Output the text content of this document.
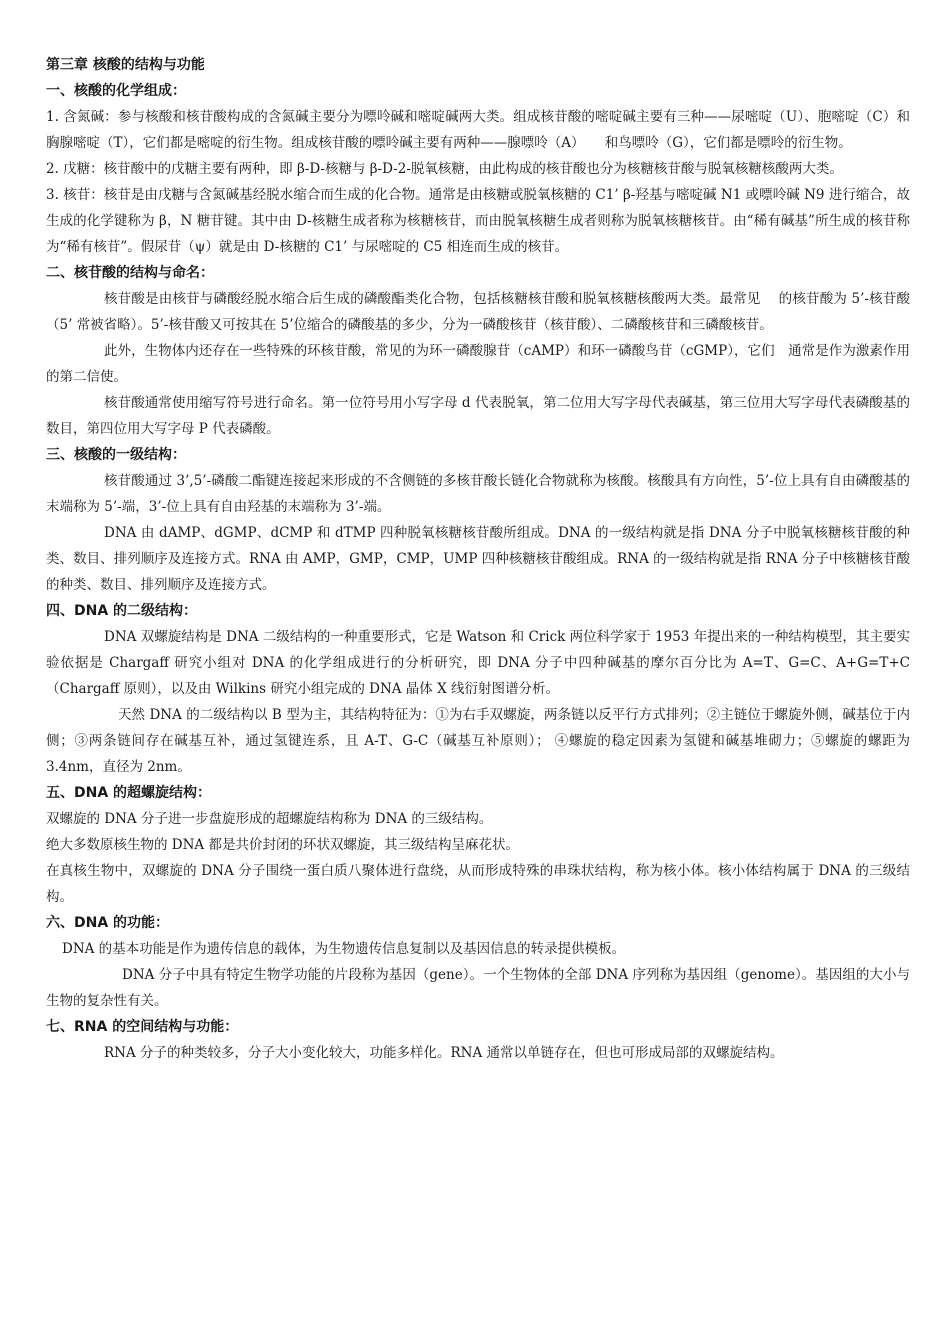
第三章 核酸的结构与功能
一、核酸的化学组成：

1. 含氮碱：参与核酸和核苷酸构成的含氮碱主要分为嘌呤碱和嘧啶碱两大类。组成核苷酸的嘧啶碱主要有三种——尿嘧啶（U）、胞嘧啶（C）和胸腺嘧啶（T），它们都是嘧啶的衍生物。组成核苷酸的嘌呤碱主要有两种——腺嘌呤（A）　　和鸟嘌呤（G），它们都是嘌呤的衍生物。

2. 戊糖：核苷酸中的戊糖主要有两种，即 β-D-核糖与 β-D-2-脱氧核糖，由此构成的核苷酸也分为核糖核苷酸与脱氧核糖核酸两大类。

3. 核苷：核苷是由戊糖与含氮碱基经脱水缩合而生成的化合物。通常是由核糖或脱氧核糖的 C1’ β-羟基与嘧啶碱 N1 或嘌呤碱 N9 进行缩合，故生成的化学键称为 β，N 糖苷键。其中由 D-核糖生成者称为核糖核苷，而由脱氧核糖生成者则称为脱氧核糖核苷。由“稀有碱基”所生成的核苷称为“稀有核苷”。假尿苷（ψ）就是由 D-核糖的 C1’ 与尿嘧啶的 C5 相连而生成的核苷。

二、核苷酸的结构与命名：

核苷酸是由核苷与磷酸经脱水缩合后生成的磷酸酯类化合物，包括核糖核苷酸和脱氧核糖核酸两大类。最常见　 的核苷酸为 5’-核苷酸（5’ 常被省略）。5’-核苷酸又可按其在 5’位缩合的磷酸基的多少，分为一磷酸核苷（核苷酸）、二磷酸核苷和三磷酸核苷。

此外，生物体内还存在一些特殊的环核苷酸，常见的为环一磷酸腺苷（cAMP）和环一磷酸鸟苷（cGMP），它们　通常是作为激素作用的第二信使。

核苷酸通常使用缩写符号进行命名。第一位符号用小写字母 d 代表脱氧，第二位用大写字母代表碱基，第三位用大写字母代表磷酸基的数目，第四位用大写字母 P 代表磷酸。

三、核酸的一级结构：

核苷酸通过 3’,5’-磷酸二酯键连接起来形成的不含侧链的多核苷酸长链化合物就称为核酸。核酸具有方向性，5’-位上具有自由磷酸基的末端称为 5’-端，3’-位上具有自由羟基的末端称为 3’-端。

DNA 由 dAMP、dGMP、dCMP 和 dTMP 四种脱氧核糖核苷酸所组成。DNA 的一级结构就是指 DNA 分子中脱氧核糖核苷酸的种类、数目、排列顺序及连接方式。RNA 由 AMP，GMP，CMP，UMP 四种核糖核苷酸组成。RNA 的一级结构就是指 RNA 分子中核糖核苷酸的种类、数目、排列顺序及连接方式。

四、DNA 的二级结构：

DNA 双螺旋结构是 DNA 二级结构的一种重要形式，它是 Watson 和 Crick 两位科学家于 1953 年提出来的一种结构模型，其主要实验依据是 Chargaff 研究小组对 DNA 的化学组成进行的分析研究，即 DNA 分子中四种碱基的摩尔百分比为 A=T、G=C、A+G=T+C（Chargaff 原则），以及由 Wilkins 研究小组完成的 DNA 晶体 X 线衍射图谱分析。

天然 DNA 的二级结构以 B 型为主，其结构特征为：①为右手双螺旋，两条链以反平行方式排列；②主链位于螺旋外侧，碱基位于内侧；③两条链间存在碱基互补，通过氢键连系，且 A-T、G-C（碱基互补原则）； ④螺旋的稳定因素为氢键和碱基堆砌力；⑤螺旋的螺距为 3.4nm，直径为 2nm。

五、DNA 的超螺旋结构：

双螺旋的 DNA 分子进一步盘旋形成的超螺旋结构称为 DNA 的三级结构。

绝大多数原核生物的 DNA 都是共价封闭的环状双螺旋，其三级结构呈麻花状。

在真核生物中，双螺旋的 DNA 分子围绕一蛋白质八聚体进行盘绕，从而形成特殊的串珠状结构，称为核小体。核小体结构属于 DNA 的三级结构。

六、DNA 的功能：

DNA 的基本功能是作为遗传信息的载体，为生物遗传信息复制以及基因信息的转录提供模板。

DNA 分子中具有特定生物学功能的片段称为基因（gene）。一个生物体的全部 DNA 序列称为基因组（genome）。基因组的大小与生物的复杂性有关。

七、RNA 的空间结构与功能：

RNA 分子的种类较多，分子大小变化较大，功能多样化。RNA 通常以单链存在，但也可形成局部的双螺旋结构。
